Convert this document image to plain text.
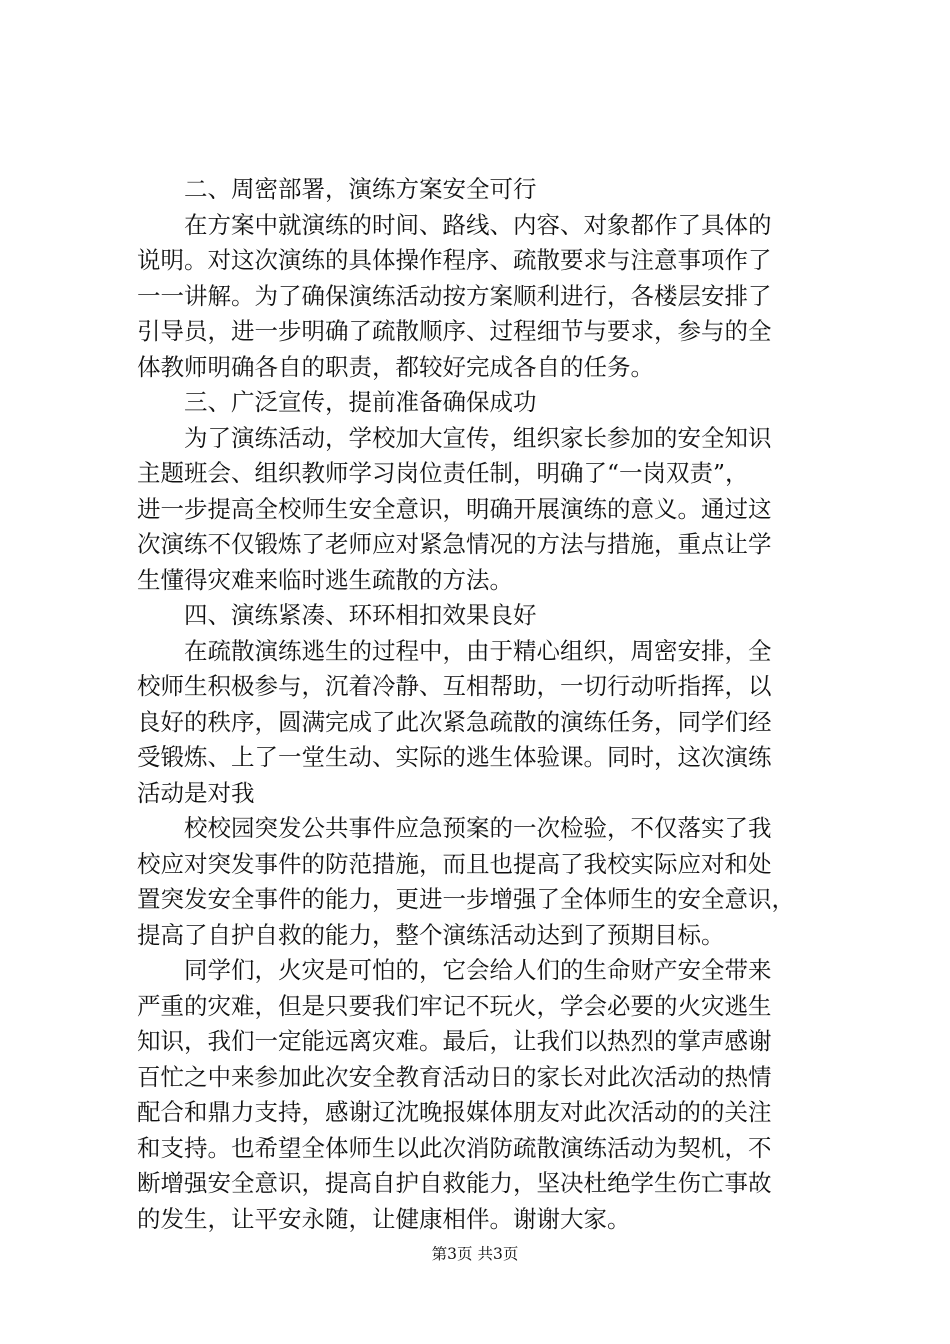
二、周密部署，演练方案安全可行
在方案中就演练的时间、路线、内容、对象都作了具体的
说明。对这次演练的具体操作程序、疏散要求与注意事项作了
一一讲解。为了确保演练活动按方案顺利进行，各楼层安排了
引导员，进一步明确了疏散顺序、过程细节与要求，参与的全
体教师明确各自的职责，都较好完成各自的任务。
三、广泛宣传，提前准备确保成功
为了演练活动，学校加大宣传，组织家长参加的安全知识
主题班会、组织教师学习岗位责任制，明确了“一岗双责”，
进一步提高全校师生安全意识，明确开展演练的意义。通过这
次演练不仅锻炼了老师应对紧急情况的方法与措施，重点让学
生懂得灾难来临时逃生疏散的方法。
四、演练紧凑、环环相扣效果良好
在疏散演练逃生的过程中，由于精心组织，周密安排，全
校师生积极参与，沉着冷静、互相帮助，一切行动听指挥，以
良好的秩序，圆满完成了此次紧急疏散的演练任务，同学们经
受锻炼、上了一堂生动、实际的逃生体验课。同时，这次演练
活动是对我
校校园突发公共事件应急预案的一次检验，不仅落实了我
校应对突发事件的防范措施，而且也提高了我校实际应对和处
置突发安全事件的能力，更进一步增强了全体师生的安全意识，
提高了自护自救的能力，整个演练活动达到了预期目标。
同学们，火灾是可怕的，它会给人们的生命财产安全带来
严重的灾难，但是只要我们牢记不玩火，学会必要的火灾逃生
知识，我们一定能远离灾难。最后，让我们以热烈的掌声感谢
百忙之中来参加此次安全教育活动日的家长对此次活动的热情
配合和鼎力支持，感谢辽沈晚报媒体朋友对此次活动的的关注
和支持。也希望全体师生以此次消防疏散演练活动为契机，不
断增强安全意识，提高自护自救能力，坚决杜绝学生伤亡事故
的发生，让平安永随，让健康相伴。谢谢大家。
第3页 共3页
